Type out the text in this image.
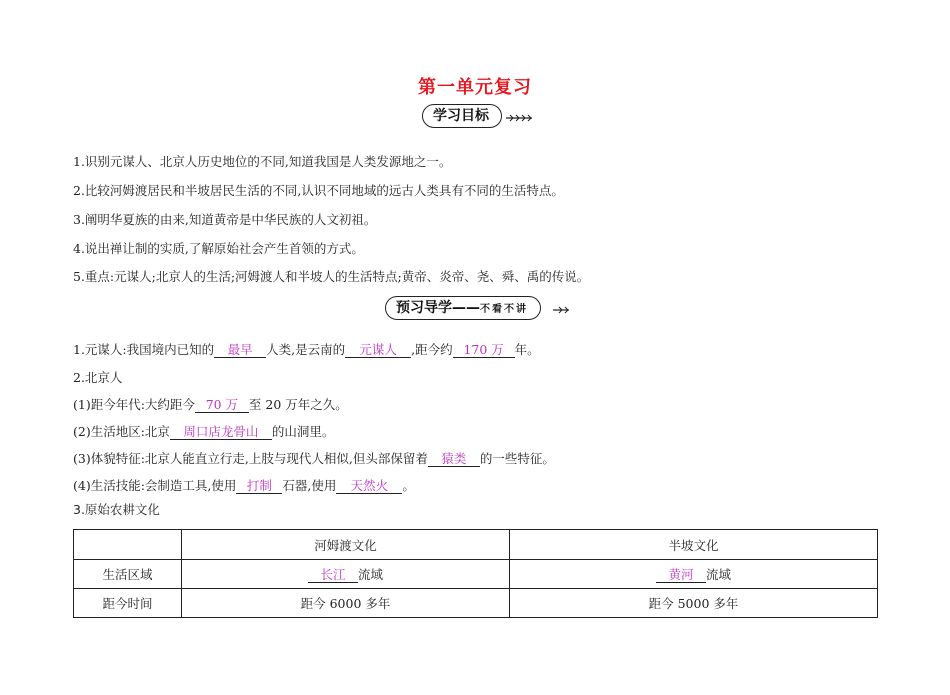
第一单元复习
学习目标
1.识别元谋人、北京人历史地位的不同,知道我国是人类发源地之一。
2.比较河姆渡居民和半坡居民生活的不同,认识不同地域的远古人类具有不同的生活特点。
3.阐明华夏族的由来,知道黄帝是中华民族的人文初祖。
4.说出禅让制的实质,了解原始社会产生首领的方式。
5.重点:元谋人;北京人的生活;河姆渡人和半坡人的生活特点;黄帝、炎帝、尧、舜、禹的传说。
预习导学——不看不讲
1.元谋人:我国境内已知的 最早 人类,是云南的 元谋人 ,距今约 170 万 年。
2.北京人
(1)距今年代:大约距今 70 万 至 20 万年之久。
(2)生活地区:北京 周口店龙骨山 的山洞里。
(3)体貌特征:北京人能直立行走,上肢与现代人相似,但头部保留着 猿类 的一些特征。
(4)生活技能:会制造工具,使用 打制 石器,使用 天然火 。
3.原始农耕文化
	河姆渡文化	半坡文化
生活区域	长江 流域	黄河 流域
距今时间	距今 6000 多年	距今 5000 多年
